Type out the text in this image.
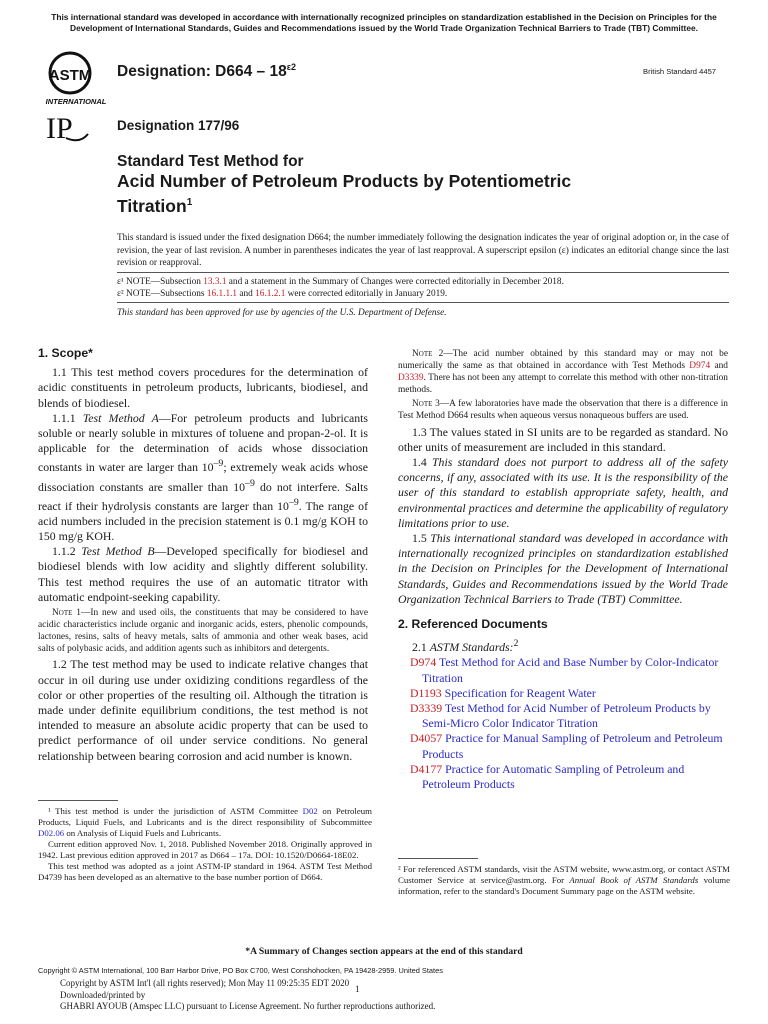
This international standard was developed in accordance with internationally recognized principles on standardization established in the Decision on Principles for the Development of International Standards, Guides and Recommendations issued by the World Trade Organization Technical Barriers to Trade (TBT) Committee.
ASTM
INTERNATIONAL
IP
Designation: $D664 - 18^{\varepsilon 2}$	British Standard 4457
Designation 177/96
Standard Test Method for
Acid Number of Petroleum Products by Potentiometric
Titration$^1$
This standard is issued under the fixed designation D664; the number immediately following the designation indicates the year of original adoption or, in the case of revision, the year of last revision. A number in parentheses indicates the year of last reapproval. A superscript epsilon (ε) indicates an editorial change since the last revision or reapproval.
ε¹ NOTE—Subsection 13.3.1 and a statement in the Summary of Changes were corrected editorially in December 2018.
ε² NOTE—Subsections 16.1.1.1 and 16.1.2.1 were corrected editorially in January 2019.
This standard has been approved for use by agencies of the U.S. Department of Defense.

1. Scope*

1.1 This test method covers procedures for the determination of acidic constituents in petroleum products, lubricants, biodiesel, and blends of biodiesel.

1.1.1 Test Method A—For petroleum products and lubricants soluble or nearly soluble in mixtures of toluene and propan-2-ol. It is applicable for the determination of acids whose dissociation constants in water are larger than $10^{-9}$; extremely weak acids whose dissociation constants are smaller than $10^{-9}$ do not interfere. Salts react if their hydrolysis constants are larger than $10^{-9}$. The range of acid numbers included in the precision statement is 0.1 mg/g KOH to 150 mg/g KOH.

1.1.2 Test Method B—Developed specifically for biodiesel and biodiesel blends with low acidity and slightly different solubility. This test method requires the use of an automatic titrator with automatic endpoint-seeking capability.

Note 1—In new and used oils, the constituents that may be considered to have acidic characteristics include organic and inorganic acids, esters, phenolic compounds, lactones, resins, salts of heavy metals, salts of ammonia and other weak bases, acid salts of polybasic acids, and addition agents such as inhibitors and detergents.

1.2 The test method may be used to indicate relative changes that occur in oil during use under oxidizing conditions regardless of the color or other properties of the resulting oil. Although the titration is made under definite equilibrium conditions, the test method is not intended to measure an absolute acidic property that can be used to predict performance of oil under service conditions. No general relationship between bearing corrosion and acid number is known.

Note 2—The acid number obtained by this standard may or may not be numerically the same as that obtained in accordance with Test Methods D974 and D3339. There has not been any attempt to correlate this method with other non-titration methods.

Note 3—A few laboratories have made the observation that there is a difference in Test Method D664 results when aqueous versus nonaqueous buffers are used.

1.3 The values stated in SI units are to be regarded as standard. No other units of measurement are included in this standard.

1.4 This standard does not purport to address all of the safety concerns, if any, associated with its use. It is the responsibility of the user of this standard to establish appropriate safety, health, and environmental practices and determine the applicability of regulatory limitations prior to use.

1.5 This international standard was developed in accordance with internationally recognized principles on standardization established in the Decision on Principles for the Development of International Standards, Guides and Recommendations issued by the World Trade Organization Technical Barriers to Trade (TBT) Committee.

2. Referenced Documents

2.1 ASTM Standards:$^2$

D974 Test Method for Acid and Base Number by Color-Indicator Titration
D1193 Specification for Reagent Water
D3339 Test Method for Acid Number of Petroleum Products by Semi-Micro Color Indicator Titration
D4057 Practice for Manual Sampling of Petroleum and Petroleum Products
D4177 Practice for Automatic Sampling of Petroleum and Petroleum Products

¹ This test method is under the jurisdiction of ASTM Committee D02 on Petroleum Products, Liquid Fuels, and Lubricants and is the direct responsibility of Subcommittee D02.06 on Analysis of Liquid Fuels and Lubricants.

Current edition approved Nov. 1, 2018. Published November 2018. Originally approved in 1942. Last previous edition approved in 2017 as D664 – 17a. DOI: 10.1520/D0664-18E02.

This test method was adopted as a joint ASTM-IP standard in 1964. ASTM Test Method D4739 has been developed as an alternative to the base number portion of D664.

² For referenced ASTM standards, visit the ASTM website, www.astm.org, or contact ASTM Customer Service at service@astm.org. For Annual Book of ASTM Standards volume information, refer to the standard's Document Summary page on the ASTM website.
*A Summary of Changes section appears at the end of this standard
Copyright © ASTM International, 100 Barr Harbor Drive, PO Box C700, West Conshohocken, PA 19428-2959. United States
Copyright by ASTM Int'l (all rights reserved); Mon May 11 09:25:35 EDT 2020
Downloaded/printed by
GHABRI AYOUB (Amspec LLC) pursuant to License Agreement. No further reproductions authorized.
1
